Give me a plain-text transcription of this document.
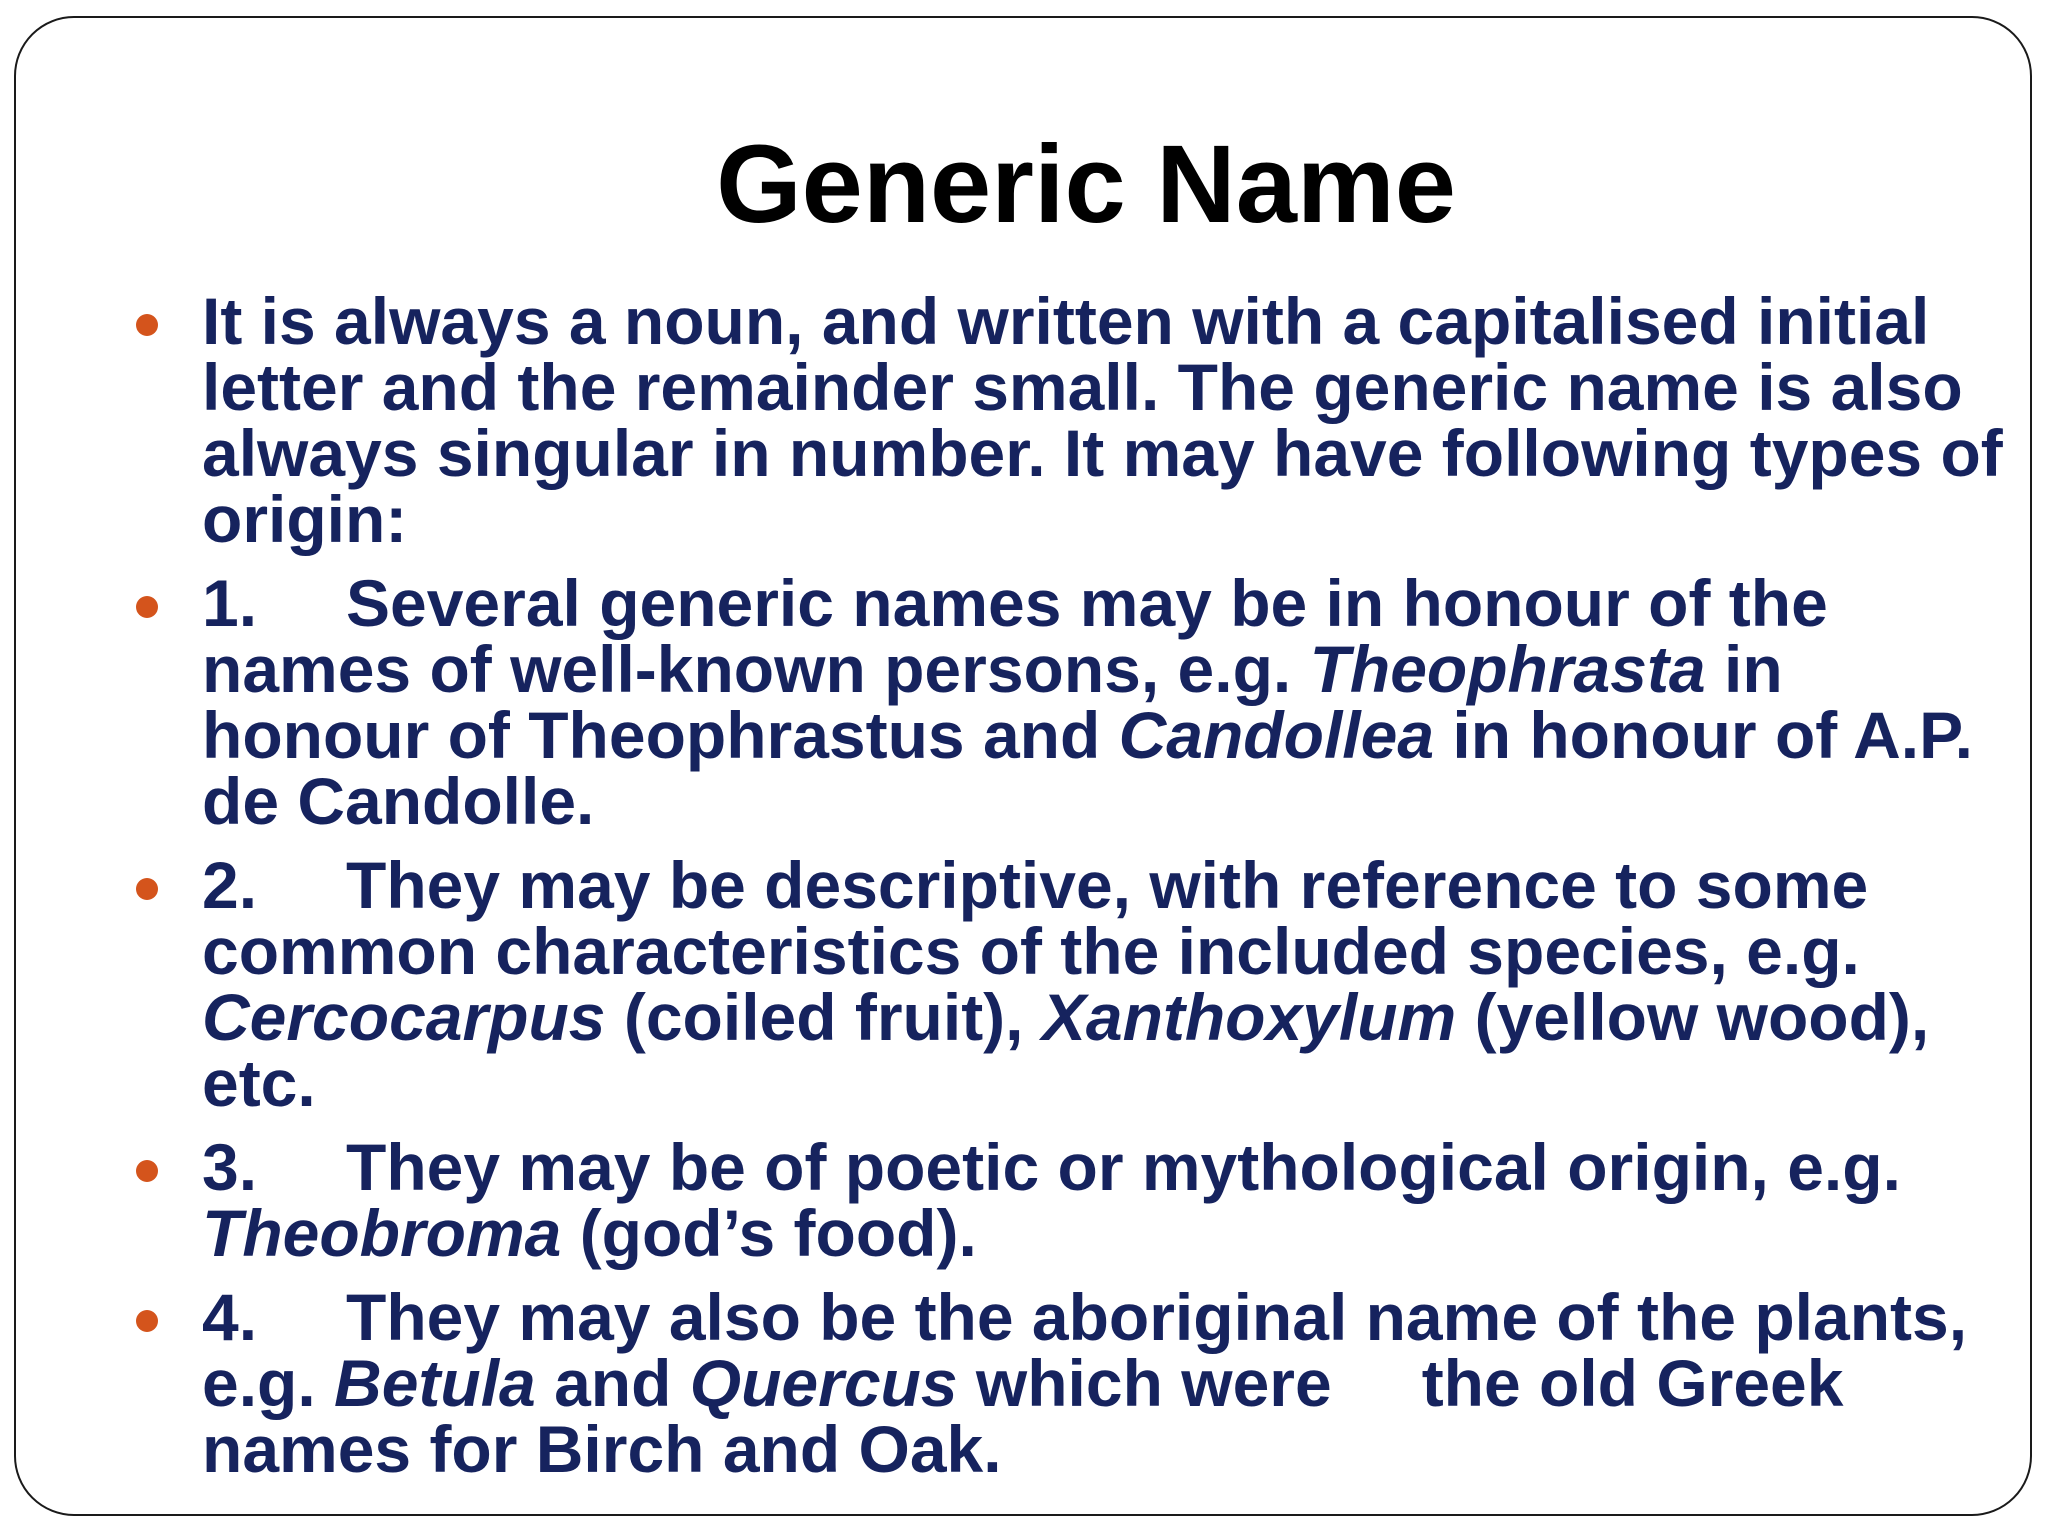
Generic Name
It is always a noun, and written with a capitalised initial letter and the remainder small. The generic name is also always singular in number. It may have following types of origin:
1. Several generic names may be in honour of the names of well-known persons, e.g. Theophrasta in honour of Theophrastus and Candollea in honour of A.P. de Candolle.
2. They may be descriptive, with reference to some common characteristics of the included species, e.g. Cercocarpus (coiled fruit), Xanthoxylum (yellow wood), etc.
3. They may be of poetic or mythological origin, e.g. Theobroma (god’s food).
4. They may also be the aboriginal name of the plants, e.g. Betula and Quercus which were the old Greek names for Birch and Oak.
